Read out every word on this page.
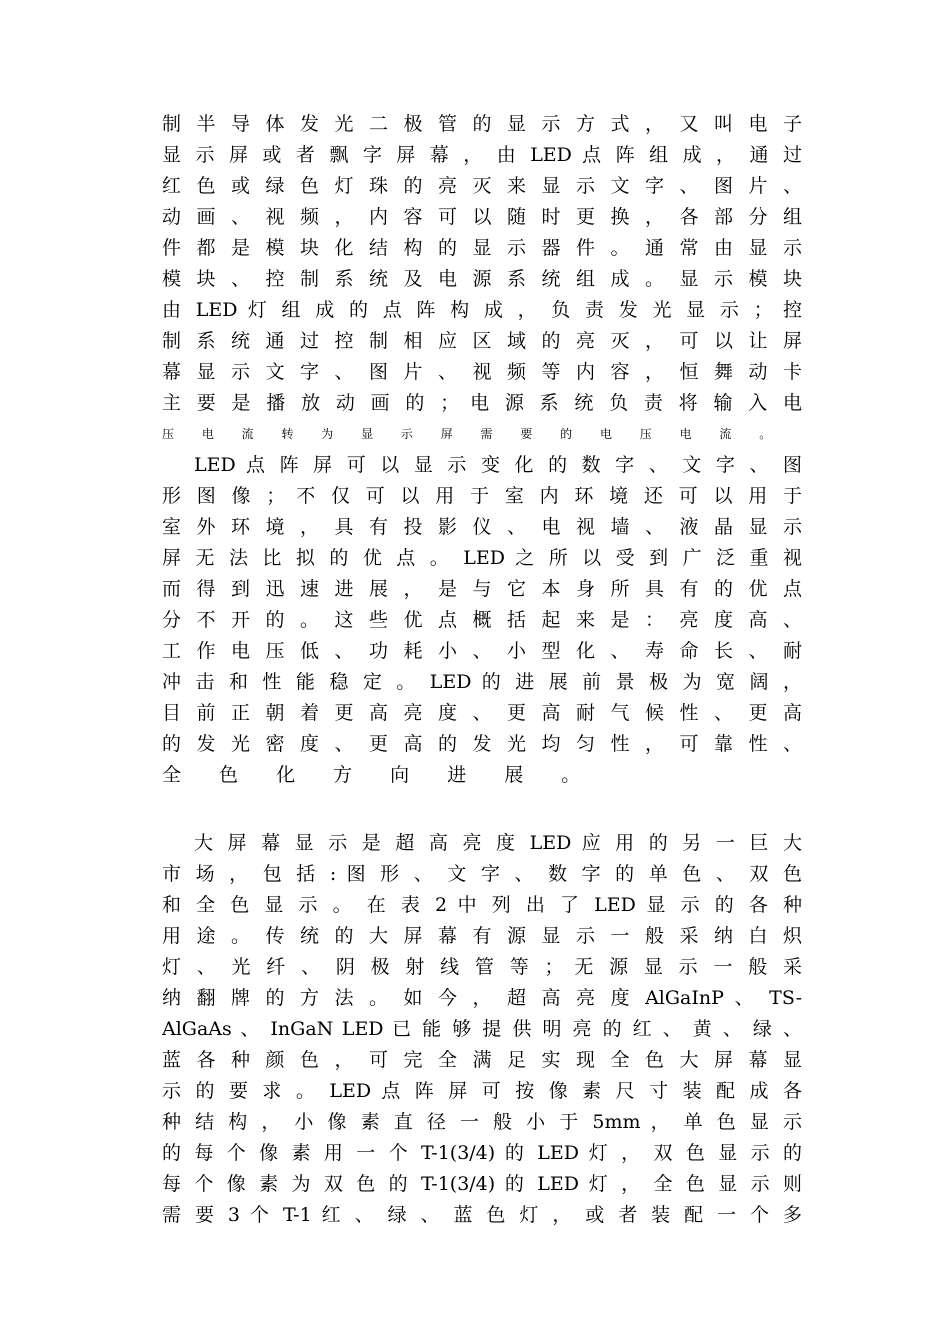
制 半 导 体 发 光 二 极 管 的 显 示 方 式 ， 又 叫 电 子
显 示 屏 或 者 飘 字 屏 幕 ， 由 LED 点 阵 组 成 ， 通 过
红 色 或 绿 色 灯 珠 的 亮 灭 来 显 示 文 字 、 图 片 、
动 画 、 视 频 ， 内 容 可 以 随 时 更 换 ， 各 部 分 组
件 都 是 模 块 化 结 构 的 显 示 器 件 。 通 常 由 显 示
模 块 、 控 制 系 统 及 电 源 系 统 组 成 。 显 示 模 块
由 LED 灯 组 成 的 点 阵 构 成 ， 负 责 发 光 显 示 ； 控
制 系 统 通 过 控 制 相 应 区 域 的 亮 灭 ， 可 以 让 屏
幕 显 示 文 字 、 图 片 、 视 频 等 内 容 ， 恒 舞 动 卡
主 要 是 播 放 动 画 的 ； 电 源 系 统 负 责 将 输 入 电
压 电 流 转 为 显 示 屏 需 要 的 电 压 电 流 。
LED 点 阵 屏 可 以 显 示 变 化 的 数 字 、 文 字 、 图
形 图 像 ； 不 仅 可 以 用 于 室 内 环 境 还 可 以 用 于
室 外 环 境 ， 具 有 投 影 仪 、 电 视 墙 、 液 晶 显 示
屏 无 法 比 拟 的 优 点 。 LED 之 所 以 受 到 广 泛 重 视
而 得 到 迅 速 进 展 ， 是 与 它 本 身 所 具 有 的 优 点
分 不 开 的 。 这 些 优 点 概 括 起 来 是 ： 亮 度 高 、
工 作 电 压 低 、 功 耗 小 、 小 型 化 、 寿 命 长 、 耐
冲 击 和 性 能 稳 定 。 LED 的 进 展 前 景 极 为 宽 阔 ，
目 前 正 朝 着 更 高 亮 度 、 更 高 耐 气 候 性 、 更 高
的 发 光 密 度 、 更 高 的 发 光 均 匀 性 ， 可 靠 性 、
全 色 化 方 向 进 展 。
大 屏 幕 显 示 是 超 高 亮 度 LED 应 用 的 另 一 巨 大
市 场 ， 包 括 : 图 形 、 文 字 、 数 字 的 单 色 、 双 色
和 全 色 显 示 。 在 表 2 中 列 出 了 LED 显 示 的 各 种
用 途 。 传 统 的 大 屏 幕 有 源 显 示 一 般 采 纳 白 炽
灯 、 光 纤 、 阴 极 射 线 管 等 ； 无 源 显 示 一 般 采
纳 翻 牌 的 方 法 。 如 今 ， 超 高 亮 度 AlGaInP 、 TS-
AlGaAs 、 InGaN LED 已 能 够 提 供 明 亮 的 红 、 黄 、 绿 、
蓝 各 种 颜 色 ， 可 完 全 满 足 实 现 全 色 大 屏 幕 显
示 的 要 求 。 LED 点 阵 屏 可 按 像 素 尺 寸 装 配 成 各
种 结 构 ， 小 像 素 直 径 一 般 小 于 5mm ， 单 色 显 示
的 每 个 像 素 用 一 个 T-1(3/4) 的 LED 灯 ， 双 色 显 示 的
每 个 像 素 为 双 色 的 T-1(3/4) 的 LED 灯 ， 全 色 显 示 则
需 要 3 个 T-1 红 、 绿 、 蓝 色 灯 ， 或 者 装 配 一 个 多
